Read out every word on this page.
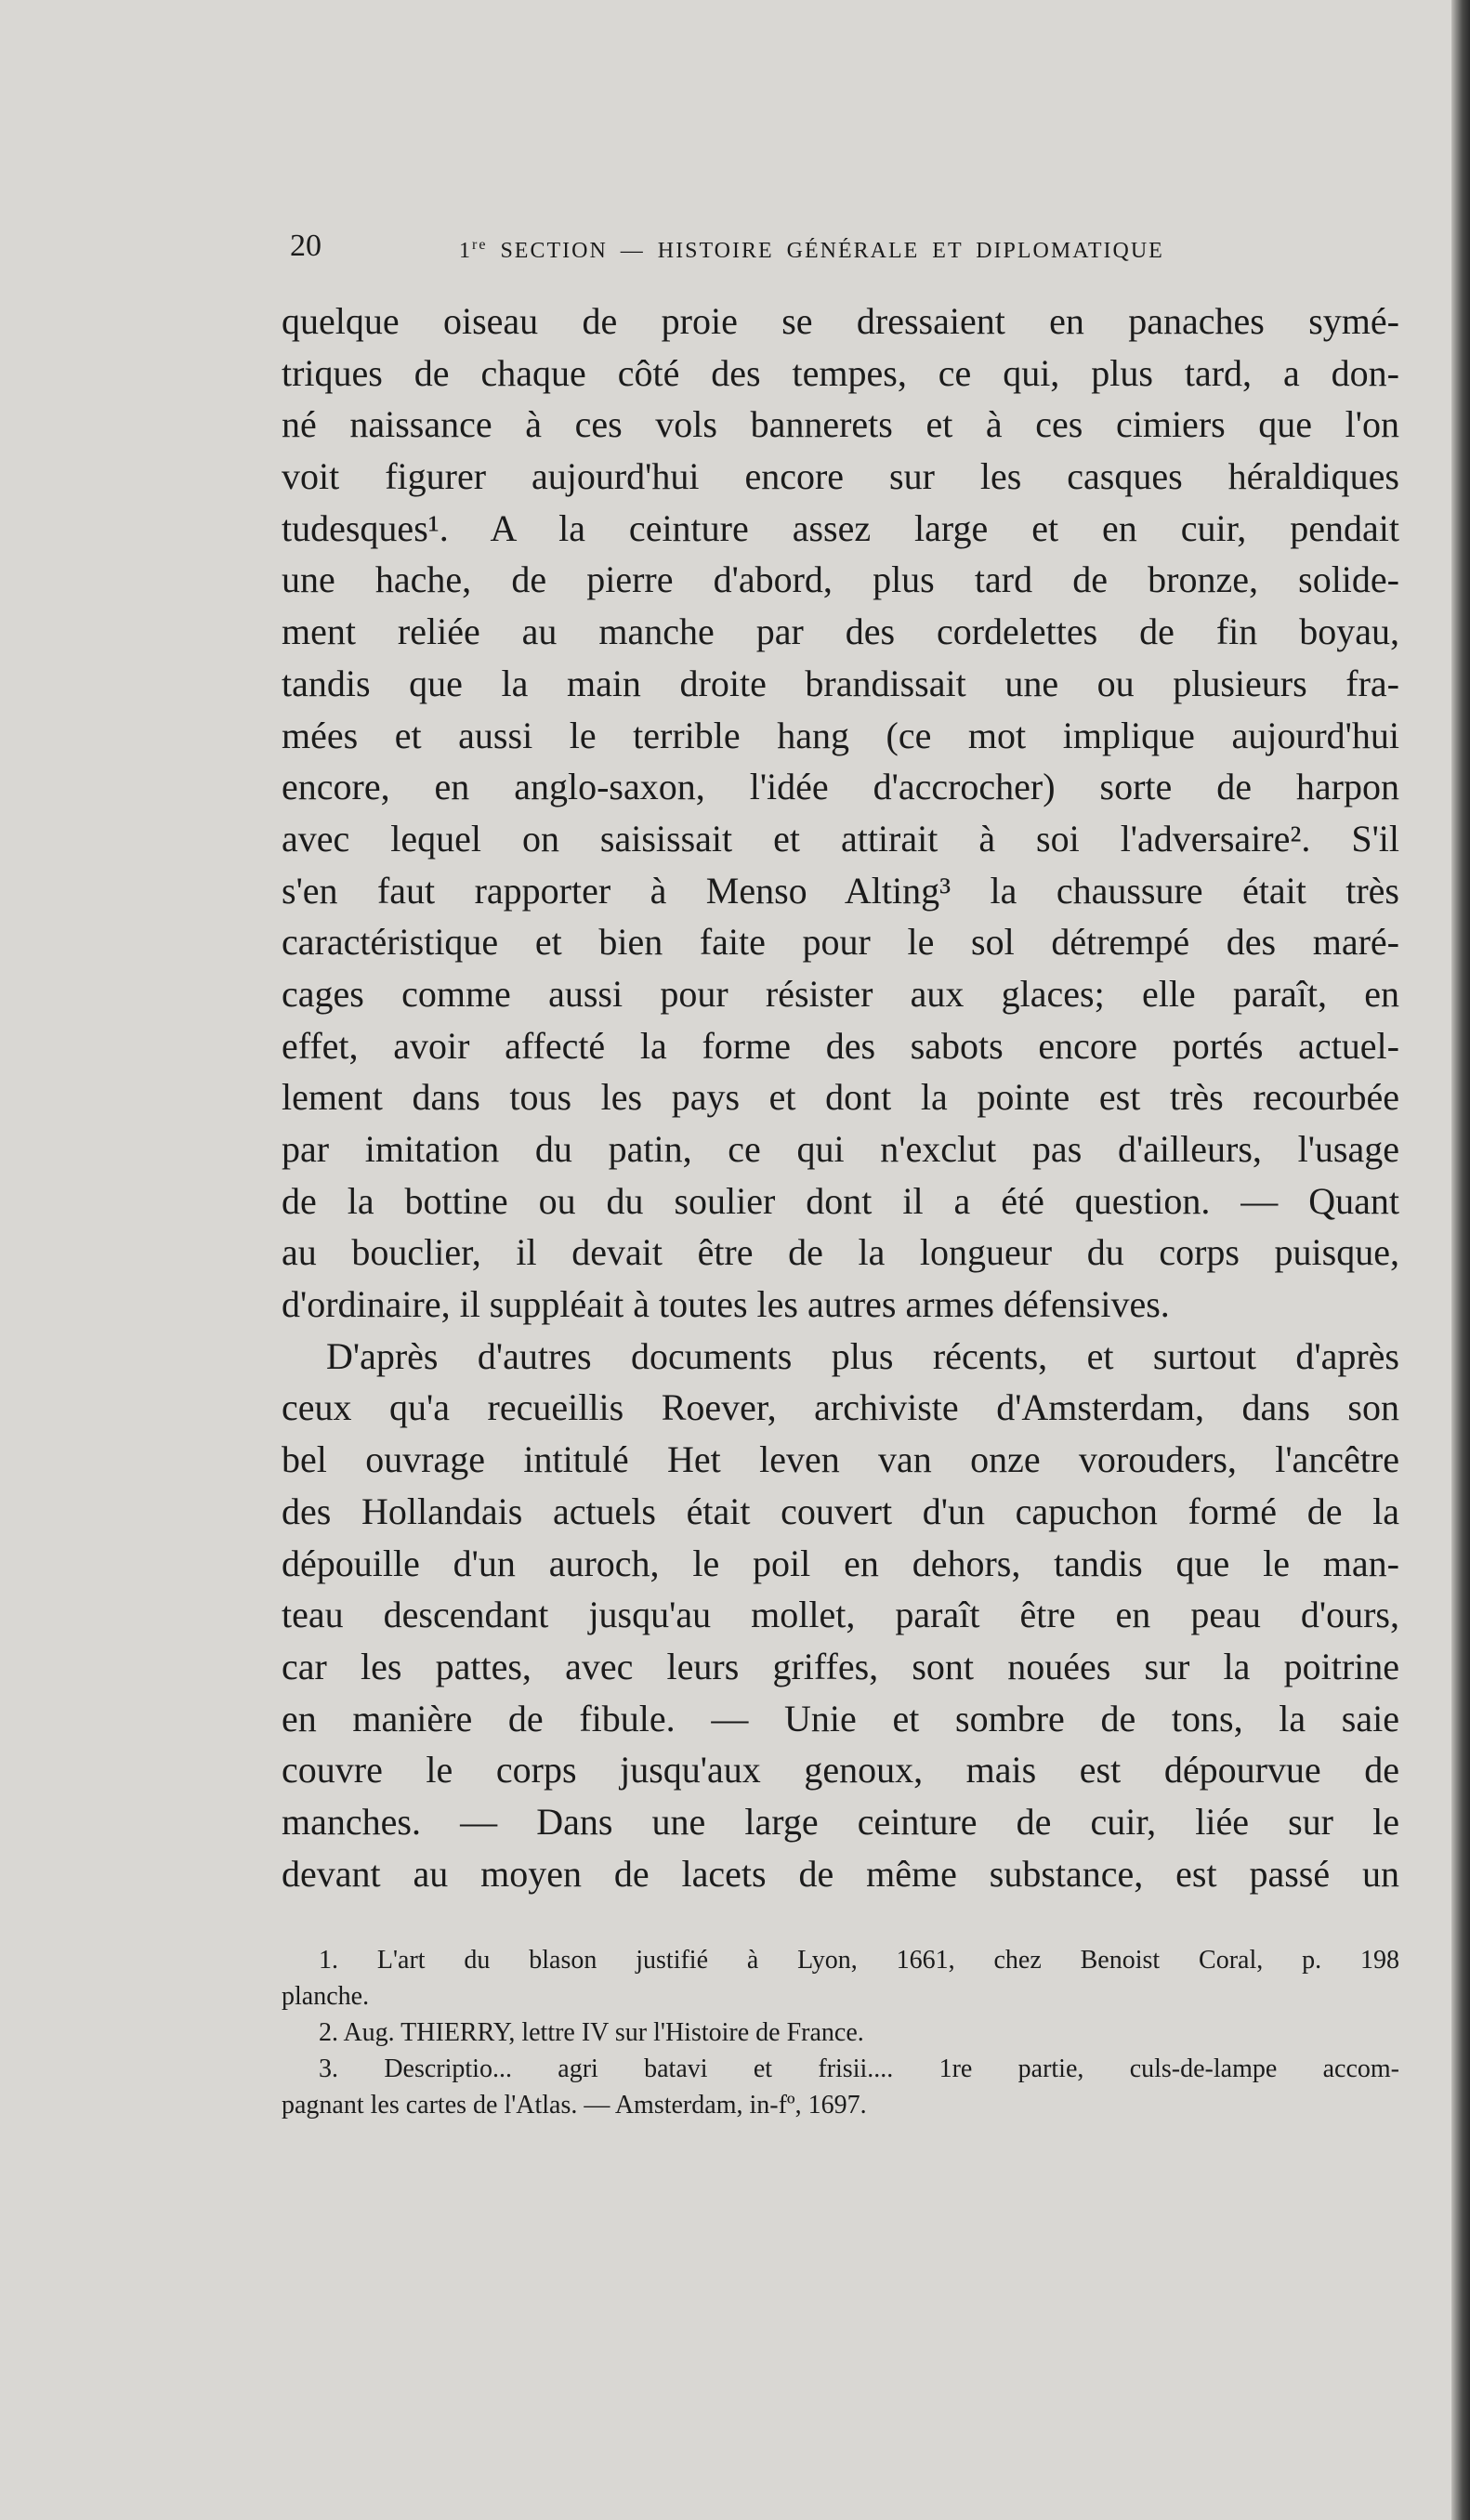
20	1re SECTION — HISTOIRE GÉNÉRALE ET DIPLOMATIQUE
quelque oiseau de proie se dressaient en panaches symé-
triques de chaque côté des tempes, ce qui, plus tard, a don-
né naissance à ces vols bannerets et à ces cimiers que l'on
voit figurer aujourd'hui encore sur les casques héraldiques
tudesques¹. A la ceinture assez large et en cuir, pendait
une hache, de pierre d'abord, plus tard de bronze, solide-
ment reliée au manche par des cordelettes de fin boyau,
tandis que la main droite brandissait une ou plusieurs fra-
mées et aussi le terrible hang (ce mot implique aujourd'hui
encore, en anglo-saxon, l'idée d'accrocher) sorte de harpon
avec lequel on saisissait et attirait à soi l'adversaire². S'il
s'en faut rapporter à Menso Alting³ la chaussure était très
caractéristique et bien faite pour le sol détrempé des maré-
cages comme aussi pour résister aux glaces; elle paraît, en
effet, avoir affecté la forme des sabots encore portés actuel-
lement dans tous les pays et dont la pointe est très recourbée
par imitation du patin, ce qui n'exclut pas d'ailleurs, l'usage
de la bottine ou du soulier dont il a été question. — Quant
au bouclier, il devait être de la longueur du corps puisque,
d'ordinaire, il suppléait à toutes les autres armes défensives.
D'après d'autres documents plus récents, et surtout d'après
ceux qu'a recueillis Roever, archiviste d'Amsterdam, dans son
bel ouvrage intitulé Het leven van onze vorouders, l'ancêtre
des Hollandais actuels était couvert d'un capuchon formé de la
dépouille d'un auroch, le poil en dehors, tandis que le man-
teau descendant jusqu'au mollet, paraît être en peau d'ours,
car les pattes, avec leurs griffes, sont nouées sur la poitrine
en manière de fibule. — Unie et sombre de tons, la saie
couvre le corps jusqu'aux genoux, mais est dépourvue de
manches. — Dans une large ceinture de cuir, liée sur le
devant au moyen de lacets de même substance, est passé un
1. L'art du blason justifié à Lyon, 1661, chez Benoist Coral, p. 198
planche.
2. Aug. THIERRY, lettre IV sur l'Histoire de France.
3. Descriptio... agri batavi et frisii.... 1re partie, culs-de-lampe accom-
pagnant les cartes de l'Atlas. — Amsterdam, in-fº, 1697.
